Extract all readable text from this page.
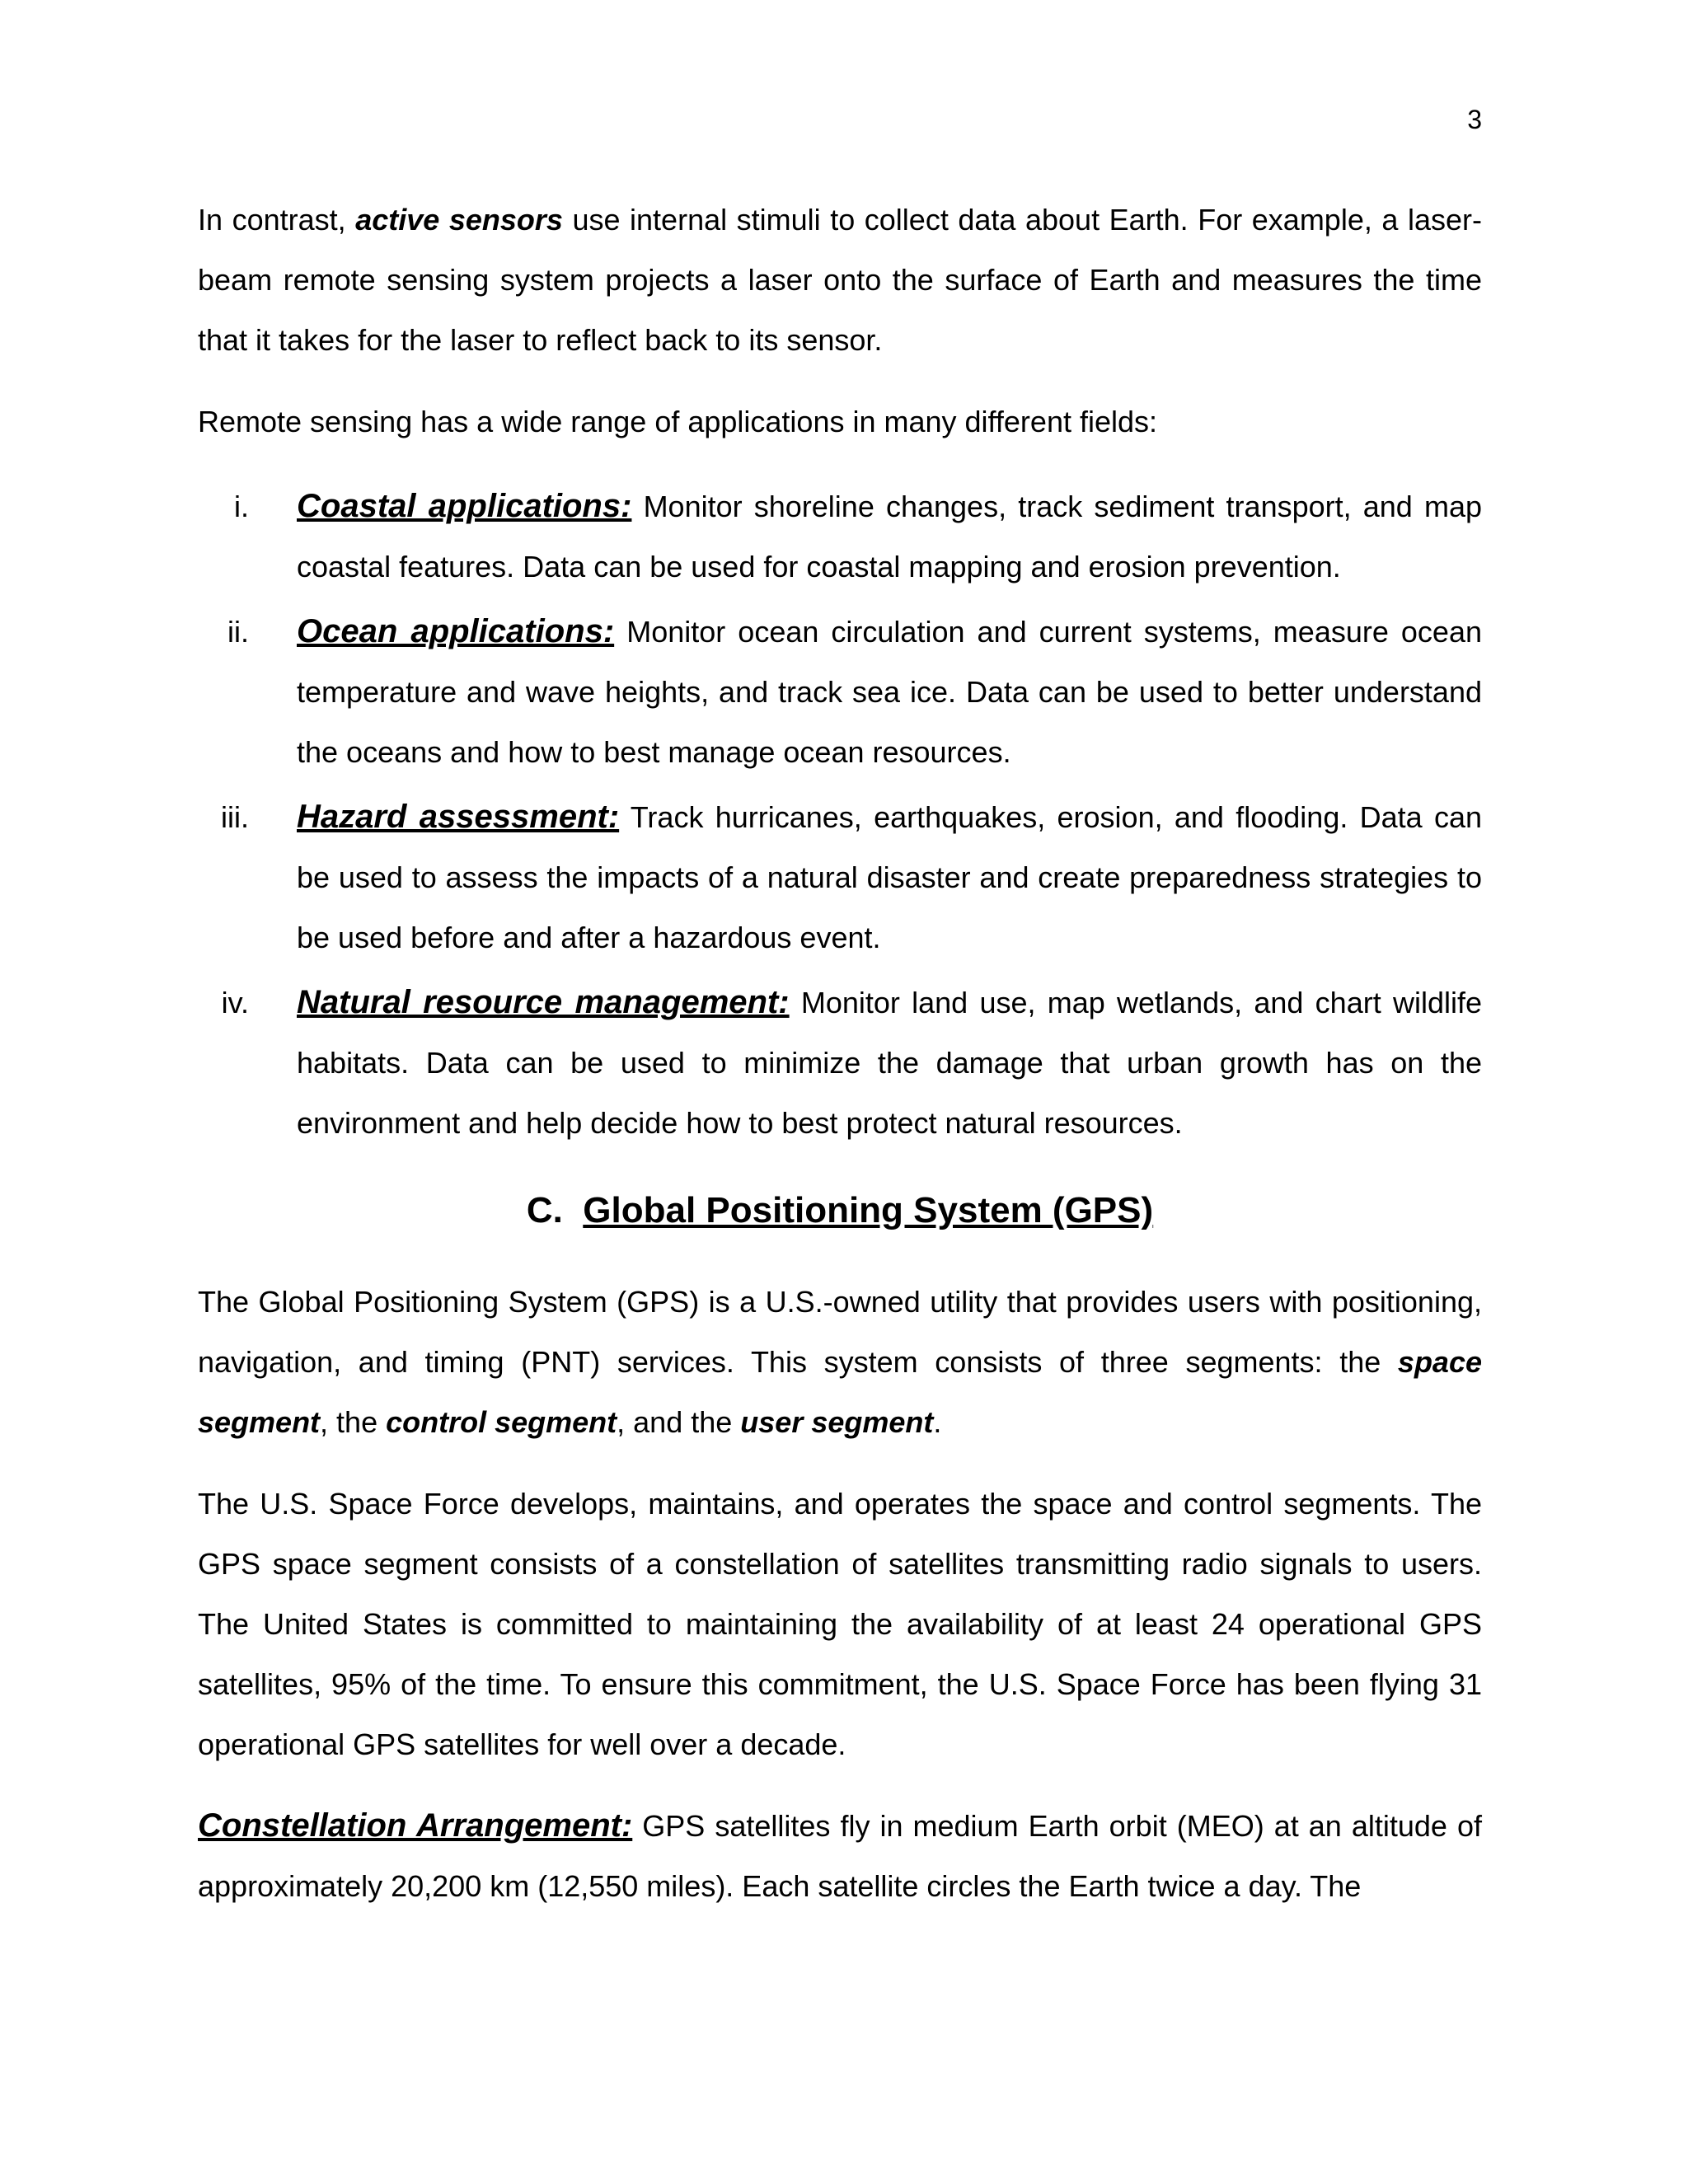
3

In contrast, active sensors use internal stimuli to collect data about Earth. For example, a laser-beam remote sensing system projects a laser onto the surface of Earth and measures the time that it takes for the laser to reflect back to its sensor.

Remote sensing has a wide range of applications in many different fields:

i. Coastal applications: Monitor shoreline changes, track sediment transport, and map coastal features. Data can be used for coastal mapping and erosion prevention.
ii. Ocean applications: Monitor ocean circulation and current systems, measure ocean temperature and wave heights, and track sea ice. Data can be used to better understand the oceans and how to best manage ocean resources.
iii. Hazard assessment: Track hurricanes, earthquakes, erosion, and flooding. Data can be used to assess the impacts of a natural disaster and create preparedness strategies to be used before and after a hazardous event.
iv. Natural resource management: Monitor land use, map wetlands, and chart wildlife habitats. Data can be used to minimize the damage that urban growth has on the environment and help decide how to best protect natural resources.
C. Global Positioning System (GPS)

The Global Positioning System (GPS) is a U.S.-owned utility that provides users with positioning, navigation, and timing (PNT) services. This system consists of three segments: the space segment, the control segment, and the user segment.

The U.S. Space Force develops, maintains, and operates the space and control segments. The GPS space segment consists of a constellation of satellites transmitting radio signals to users. The United States is committed to maintaining the availability of at least 24 operational GPS satellites, 95% of the time. To ensure this commitment, the U.S. Space Force has been flying 31 operational GPS satellites for well over a decade.

Constellation Arrangement: GPS satellites fly in medium Earth orbit (MEO) at an altitude of approximately 20,200 km (12,550 miles). Each satellite circles the Earth twice a day. The
